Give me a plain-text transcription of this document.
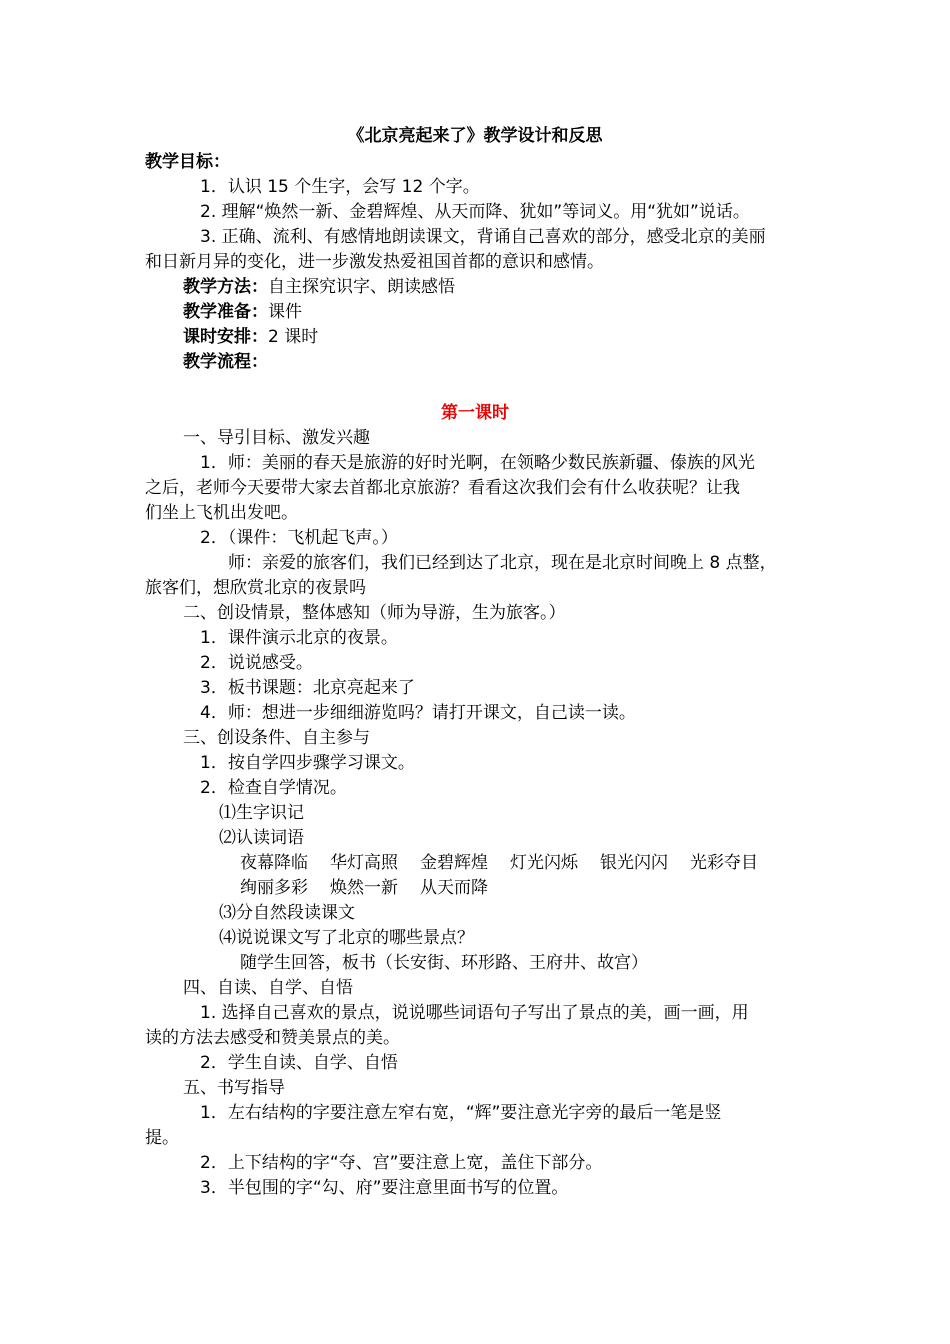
《北京亮起来了》教学设计和反思
教学目标：
1．认识 15 个生字，会写 12 个字。
2. 理解“焕然一新、金碧辉煌、从天而降、犹如”等词义。用“犹如”说话。
3. 正确、流利、有感情地朗读课文，背诵自己喜欢的部分，感受北京的美丽
和日新月异的变化，进一步激发热爱祖国首都的意识和感情。
教学方法：自主探究识字、朗读感悟
教学准备：课件
课时安排：2 课时
教学流程：
第一课时
一、导引目标、激发兴趣
1．师：美丽的春天是旅游的好时光啊，在领略少数民族新疆、傣族的风光
之后，老师今天要带大家去首都北京旅游？看看这次我们会有什么收获呢？让我
们坐上飞机出发吧。
2．（课件：飞机起飞声。）
师：亲爱的旅客们，我们已经到达了北京，现在是北京时间晚上 8 点整，
旅客们，想欣赏北京的夜景吗
二、创设情景，整体感知（师为导游，生为旅客。）
1．课件演示北京的夜景。
2．说说感受。
3．板书课题：北京亮起来了
4．师：想进一步细细游览吗？请打开课文，自己读一读。
三、创设条件、自主参与
1．按自学四步骤学习课文。
2．检查自学情况。
⑴生字识记
⑵认读词语
夜幕降临 华灯高照 金碧辉煌 灯光闪烁 银光闪闪 光彩夺目
绚丽多彩 焕然一新 从天而降
⑶分自然段读课文
⑷说说课文写了北京的哪些景点？
随学生回答，板书（长安街、环形路、王府井、故宫）
四、自读、自学、自悟
1. 选择自己喜欢的景点，说说哪些词语句子写出了景点的美，画一画，用
读的方法去感受和赞美景点的美。
2．学生自读、自学、自悟
五、书写指导
1．左右结构的字要注意左窄右宽，“辉”要注意光字旁的最后一笔是竖
提。
2．上下结构的字“夺、宫”要注意上宽，盖住下部分。
3．半包围的字“勾、府”要注意里面书写的位置。
